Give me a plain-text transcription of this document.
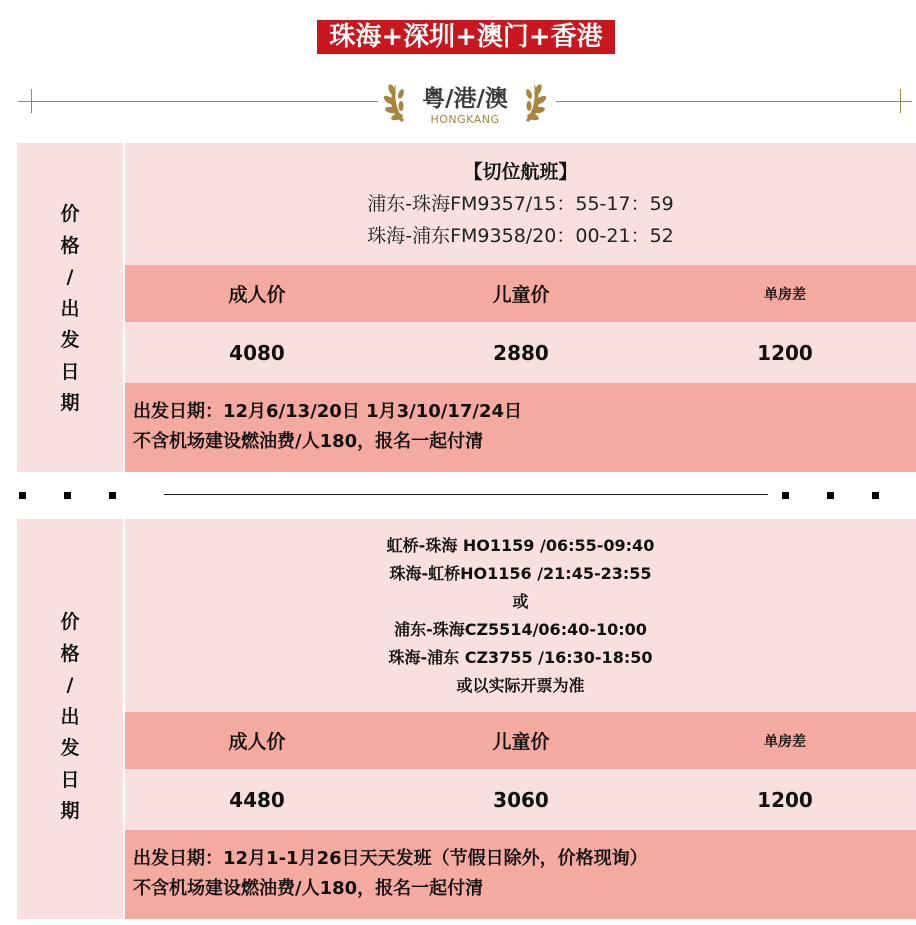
珠海+深圳+澳门+香港
粤/港/澳
HONGKANG
价
格
/
出
发
日
期
【切位航班】
浦东-珠海FM9357/15：55-17：59
珠海-浦东FM9358/20：00-21：52
成人价	儿童价	单房差
4080	2880	1200
出发日期：12月6/13/20日 1月3/10/17/24日
不含机场建设燃油费/人180，报名一起付清
价
格
/
出
发
日
期
虹桥-珠海 HO1159 /06:55-09:40
珠海-虹桥HO1156 /21:45-23:55
或
浦东-珠海CZ5514/06:40-10:00
珠海-浦东 CZ3755 /16:30-18:50
或以实际开票为准
成人价	儿童价	单房差
4480	3060	1200
出发日期：12月1-1月26日天天发班（节假日除外，价格现询）
不含机场建设燃油费/人180，报名一起付清
